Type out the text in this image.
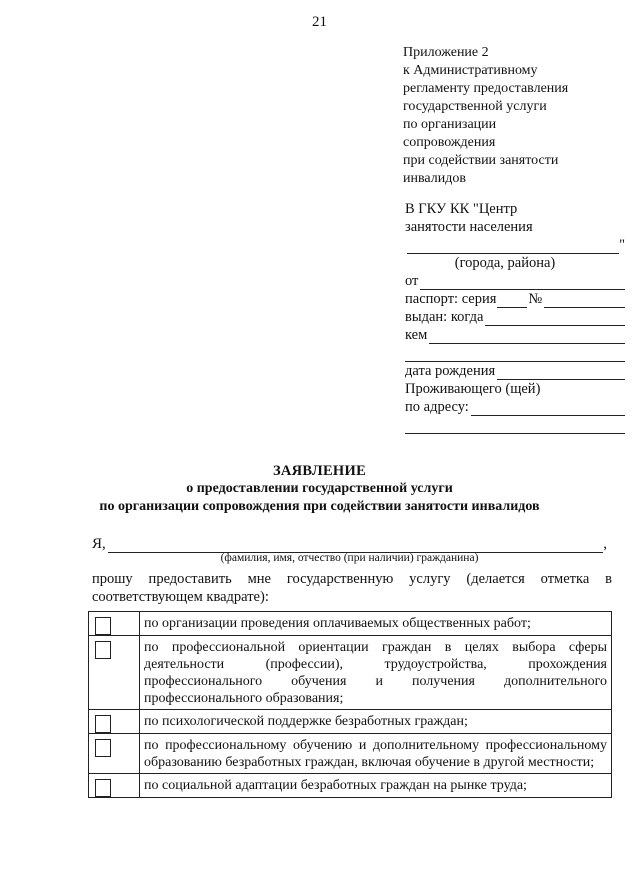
21
Приложение 2
к Административному
регламенту предоставления
государственной услуги
по организации
сопровождения
при содействии занятости
инвалидов
В ГКУ КК "Центр
занятости населения
"
(города, района)
от
паспорт: серия №
выдан: когда
кем
дата рождения
Проживающего (щей)
по адресу:
ЗАЯВЛЕНИЕ
о предоставлении государственной услуги
по организации сопровождения при содействии занятости инвалидов
Я,	,
(фамилия, имя, отчество (при наличии) гражданина)
прошу предоставить мне государственную услугу (делается отметка в соответствующем квадрате):
	по организации проведения оплачиваемых общественных работ;

	по профессиональной ориентации граждан в целях выбора сферы деятельности (профессии), трудоустройства, прохождения профессионального обучения и получения дополнительного профессионального образования;

	по психологической поддержке безработных граждан;

	по профессиональному обучению и дополнительному профессиональному образованию безработных граждан, включая обучение в другой местности;

	по социальной адаптации безработных граждан на рынке труда;
